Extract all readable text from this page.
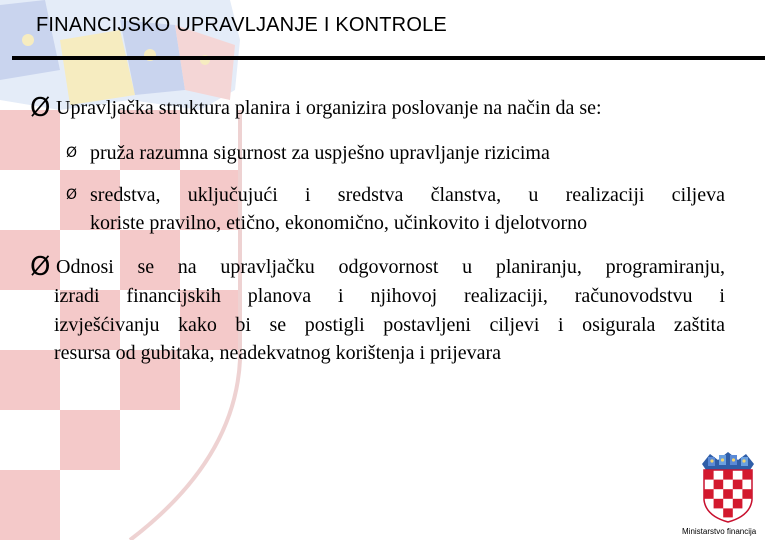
FINANCIJSKO UPRAVLJANJE I KONTROLE
Ø Upravljačka struktura planira i organizira poslovanje na način da se:
Ø pruža razumna sigurnost za uspješno upravljanje rizicima
Ø sredstva, uključujući i sredstva članstva, u realizaciji ciljeva
koriste pravilno, etično, ekonomično, učinkovito i djelotvorno
Ø Odnosi se na upravljačku odgovornost u planiranju, programiranju,
izradi financijskih planova i njihovoj realizaciji, računovodstvu i
izvješćivanju kako bi se postigli postavljeni ciljevi i osigurala zaštita
resursa od gubitaka, neadekvatnog korištenja i prijevara
Ministarstvo financija
